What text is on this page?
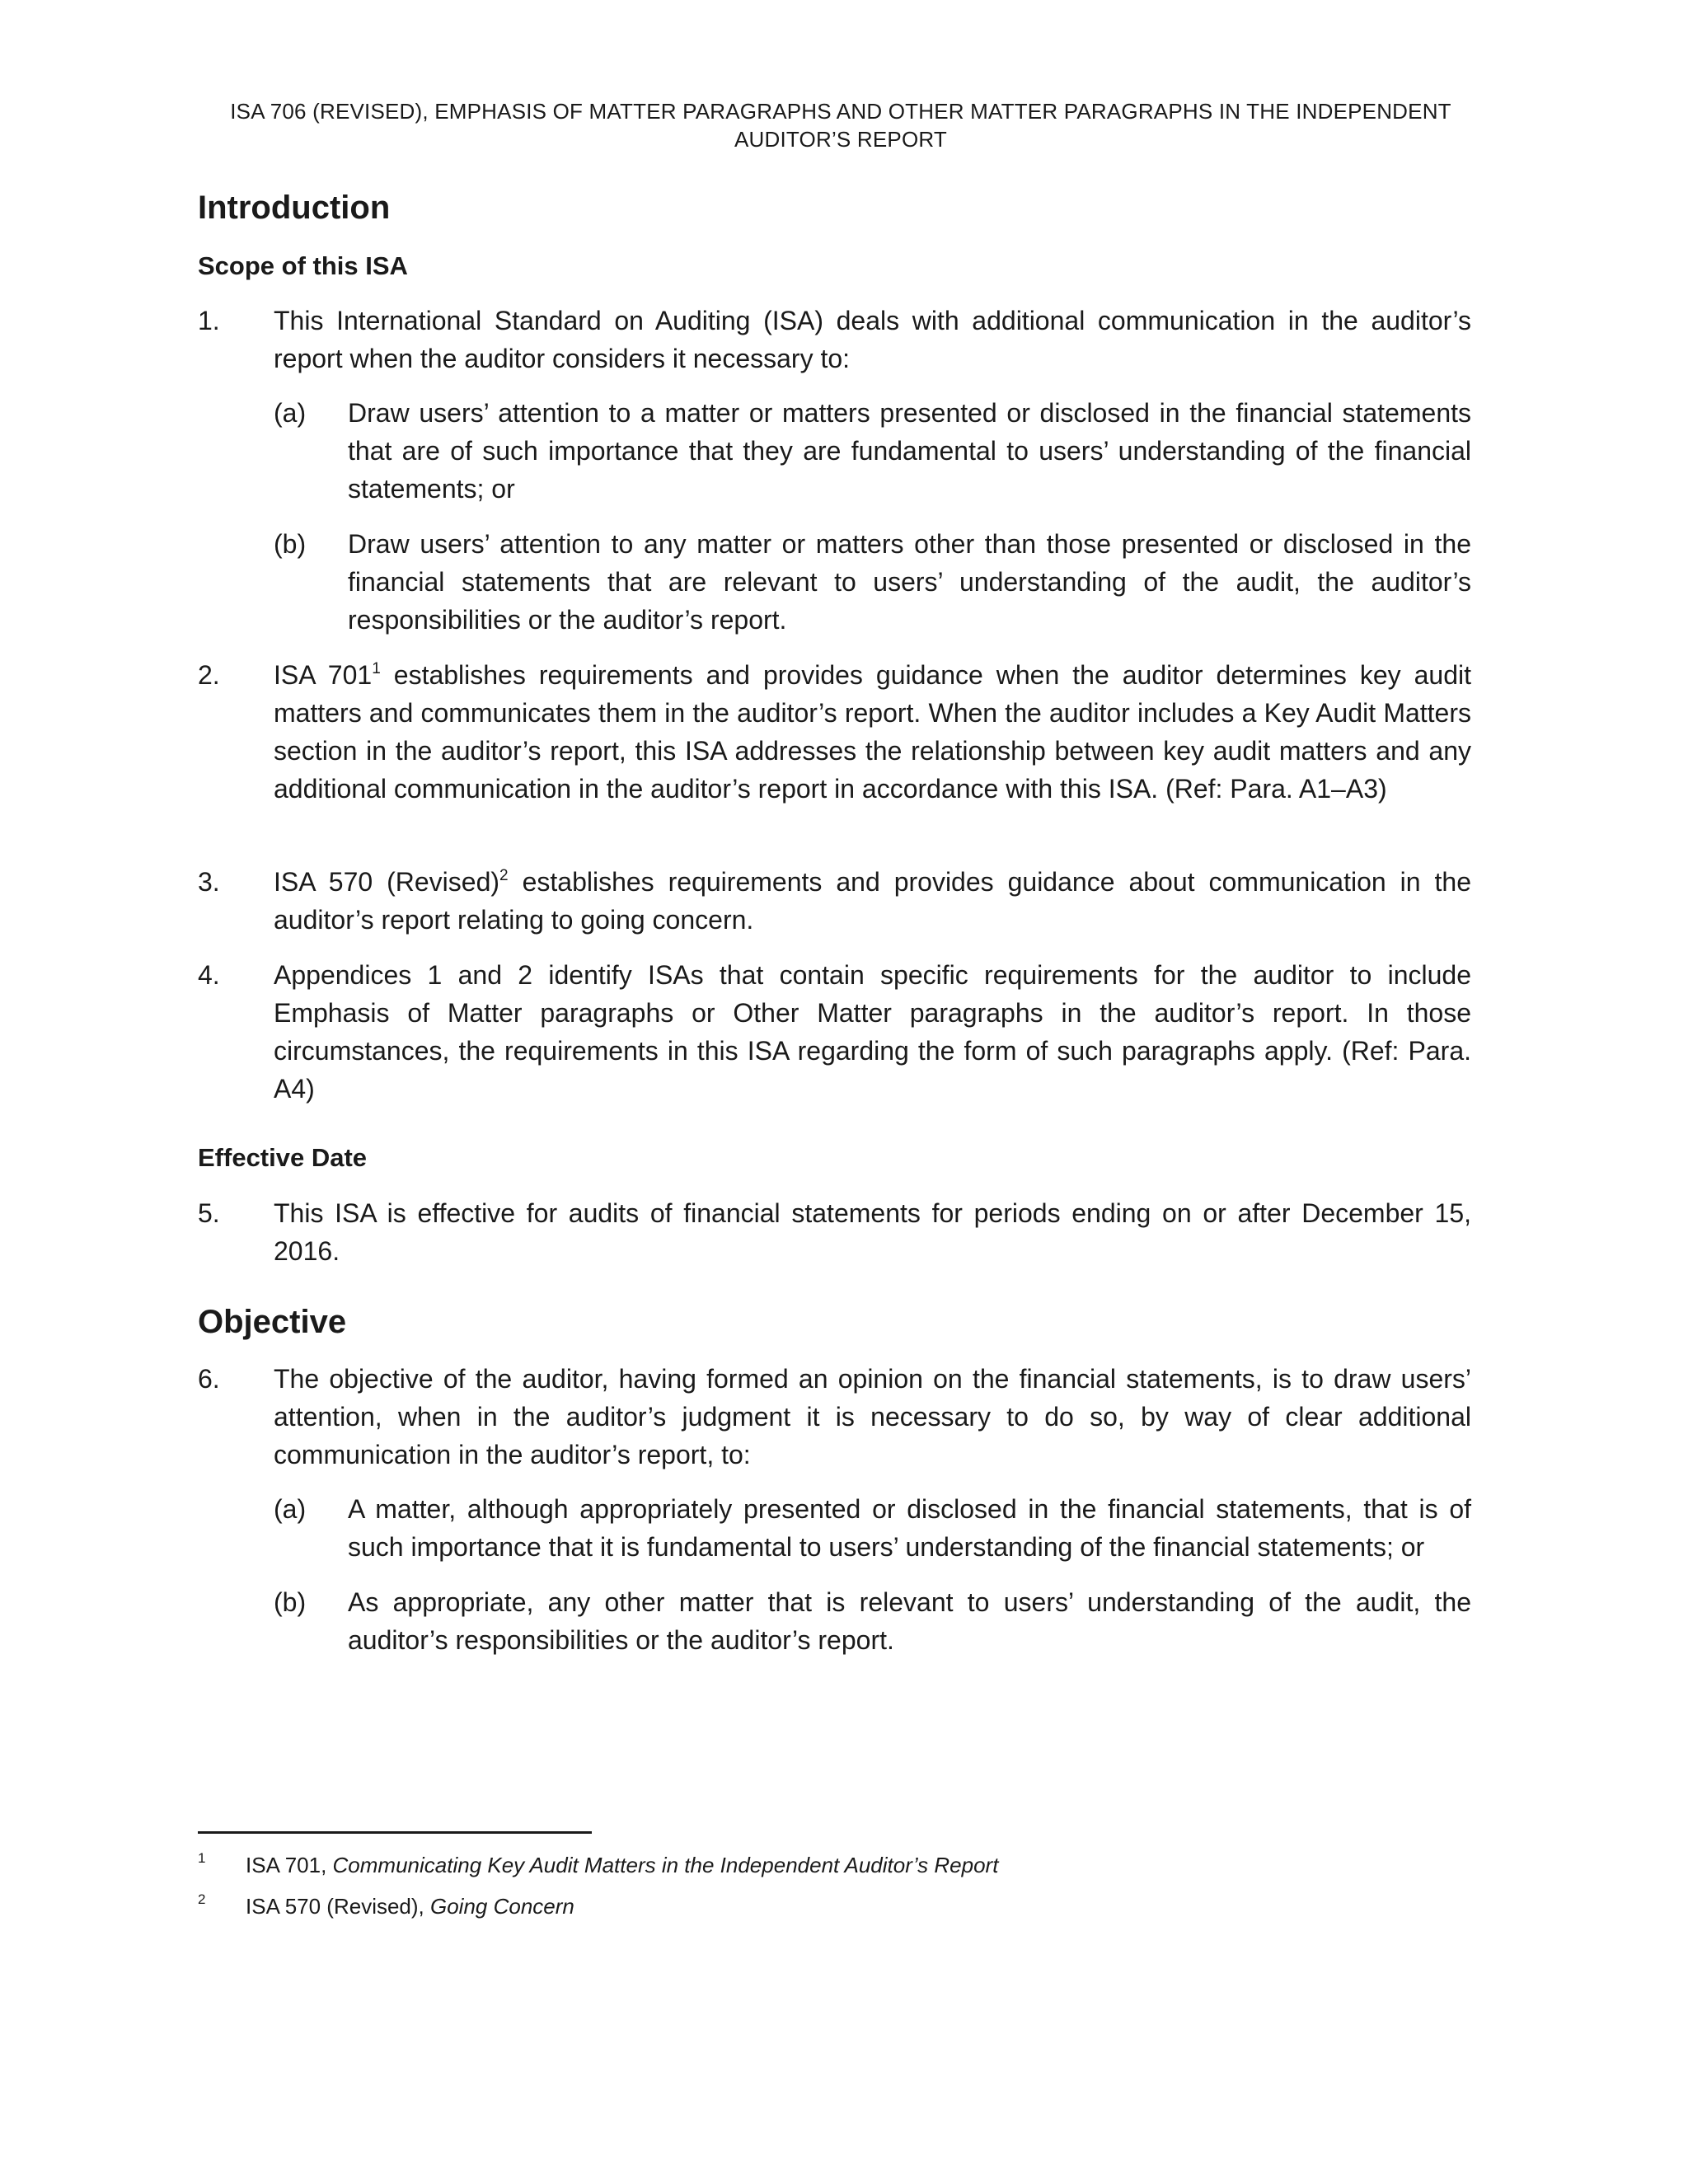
ISA 706 (REVISED), EMPHASIS OF MATTER PARAGRAPHS AND OTHER MATTER PARAGRAPHS IN THE INDEPENDENT
AUDITOR’S REPORT
Introduction
Scope of this ISA
1. This International Standard on Auditing (ISA) deals with additional communication in the auditor’s report when the auditor considers it necessary to:
(a) Draw users’ attention to a matter or matters presented or disclosed in the financial statements that are of such importance that they are fundamental to users’ understanding of the financial statements; or
(b) Draw users’ attention to any matter or matters other than those presented or disclosed in the financial statements that are relevant to users’ understanding of the audit, the auditor’s responsibilities or the auditor’s report.
2. ISA $701^1$ establishes requirements and provides guidance when the auditor determines key audit matters and communicates them in the auditor’s report. When the auditor includes a Key Audit Matters section in the auditor’s report, this ISA addresses the relationship between key audit matters and any additional communication in the auditor’s report in accordance with this ISA. (Ref: Para. A1–A3)
3. ISA 570 (Revised)$^2$ establishes requirements and provides guidance about communication in the auditor’s report relating to going concern.
4. Appendices 1 and 2 identify ISAs that contain specific requirements for the auditor to include Emphasis of Matter paragraphs or Other Matter paragraphs in the auditor’s report. In those circumstances, the requirements in this ISA regarding the form of such paragraphs apply. (Ref: Para. A4)
Effective Date
5. This ISA is effective for audits of financial statements for periods ending on or after December 15, 2016.
Objective
6. The objective of the auditor, having formed an opinion on the financial statements, is to draw users’ attention, when in the auditor’s judgment it is necessary to do so, by way of clear additional communication in the auditor’s report, to:
(a) A matter, although appropriately presented or disclosed in the financial statements, that is of such importance that it is fundamental to users’ understanding of the financial statements; or
(b) As appropriate, any other matter that is relevant to users’ understanding of the audit, the auditor’s responsibilities or the auditor’s report.
1 ISA 701, Communicating Key Audit Matters in the Independent Auditor’s Report
2 ISA 570 (Revised), Going Concern
